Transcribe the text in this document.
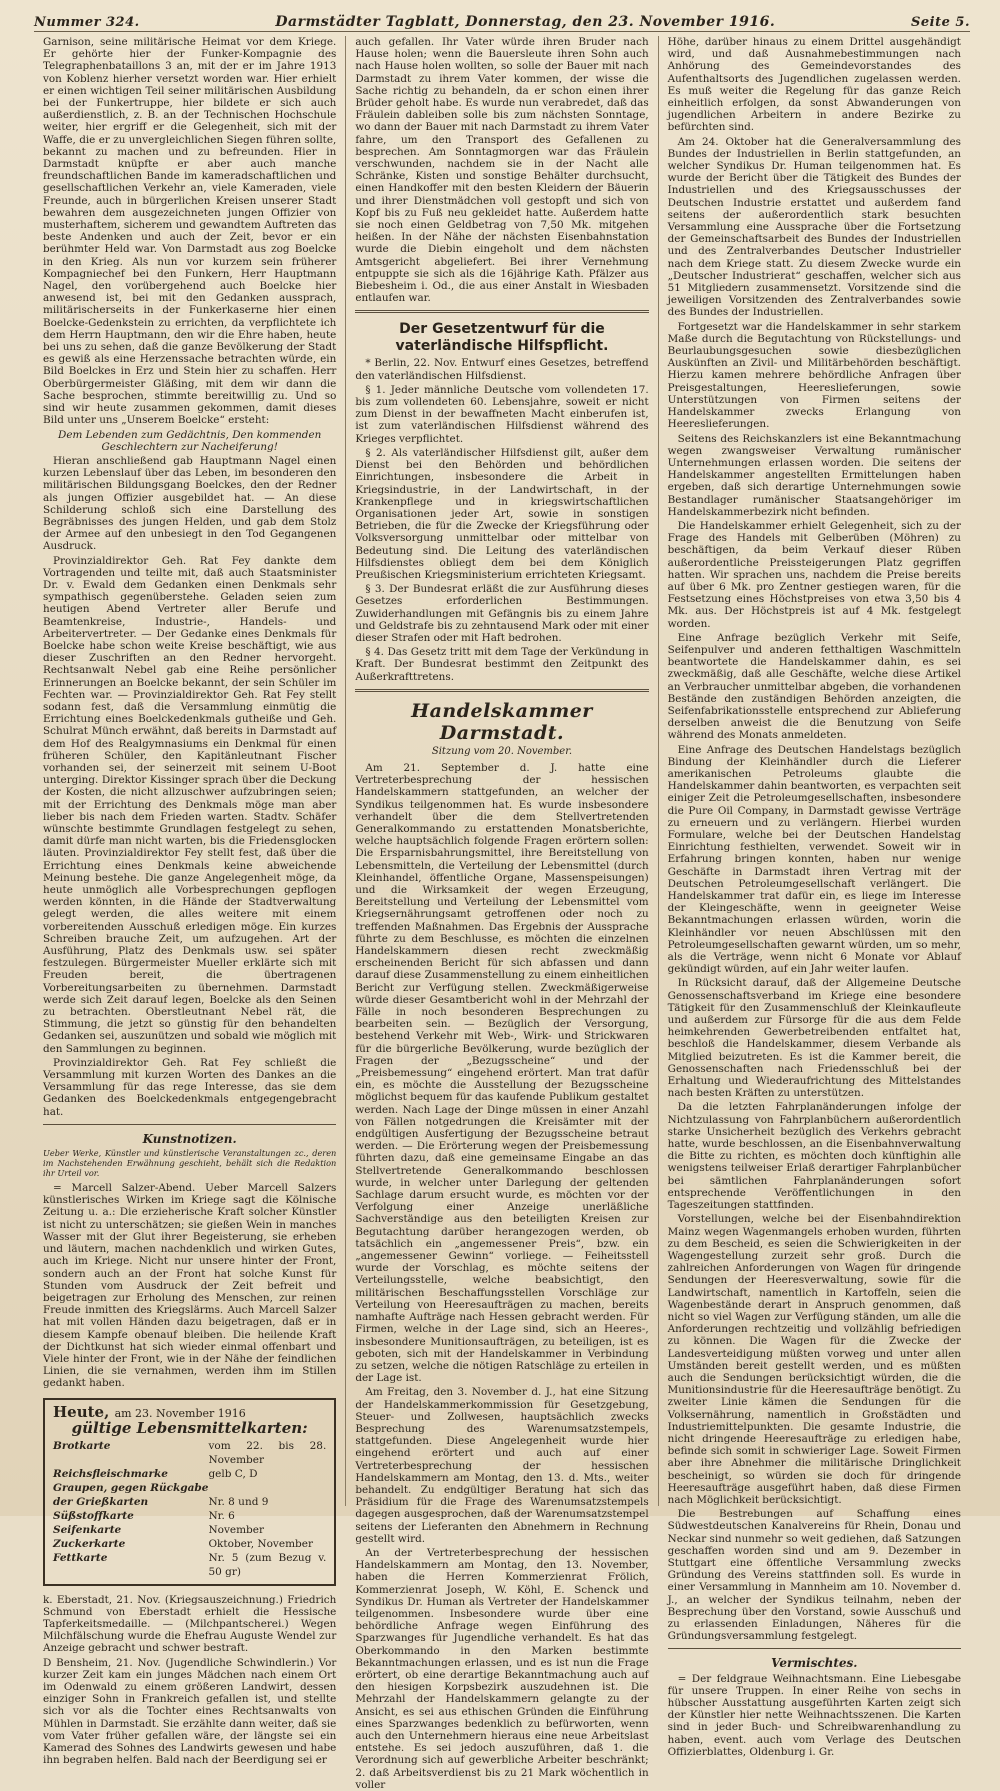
Nummer 324.	Darmstädter Tagblatt, Donnerstag, den 23. November 1916.	Seite 5.

Garnison, seine militärische Heimat vor dem Kriege. Er gehörte hier der Funker-Kompagnie des Telegraphenbataillons 3 an, mit der er im Jahre 1913 von Koblenz hierher versetzt worden war. Hier erhielt er einen wichtigen Teil seiner militärischen Ausbildung bei der Funkertruppe, hier bildete er sich auch außerdienstlich, z. B. an der Technischen Hochschule weiter, hier ergriff er die Gelegenheit, sich mit der Waffe, die er zu unvergleichlichen Siegen führen sollte, bekannt zu machen und zu befreunden. Hier in Darmstadt knüpfte er aber auch manche freundschaftlichen Bande im kameradschaftlichen und gesellschaftlichen Verkehr an, viele Kameraden, viele Freunde, auch in bürgerlichen Kreisen unserer Stadt bewahren dem ausgezeichneten jungen Offizier von musterhaftem, sicherem und gewandtem Auftreten das beste Andenken und auch der Zeit, bevor er ein berühmter Held war. Von Darmstadt aus zog Boelcke in den Krieg. Als nun vor kurzem sein früherer Kompagniechef bei den Funkern, Herr Hauptmann Nagel, den vorübergehend auch Boelcke hier anwesend ist, bei mit den Gedanken aussprach, militärischerseits in der Funkerkaserne hier einen Boelcke-Gedenkstein zu errichten, da verpflichtete ich dem Herrn Hauptmann, den wir die Ehre haben, heute bei uns zu sehen, daß die ganze Bevölkerung der Stadt es gewiß als eine Herzenssache betrachten würde, ein Bild Boelckes in Erz und Stein hier zu schaffen. Herr Oberbürgermeister Gläßing, mit dem wir dann die Sache besprochen, stimmte bereitwillig zu. Und so sind wir heute zusammen gekommen, damit dieses Bild unter uns „Unserem Boelcke“ ersteht:

Dem Lebenden zum Gedächtnis, Den kommenden Geschlechtern zur Nacheiferung!

Hieran anschließend gab Hauptmann Nagel einen kurzen Lebenslauf über das Leben, im besonderen den militärischen Bildungsgang Boelckes, den der Redner als jungen Offizier ausgebildet hat. — An diese Schilderung schloß sich eine Darstellung des Begräbnisses des jungen Helden, und gab dem Stolz der Armee auf den unbesiegt in den Tod Gegangenen Ausdruck.

Provinzialdirektor Geh. Rat Fey dankte dem Vortragenden und teilte mit, daß auch Staatsminister Dr. v. Ewald dem Gedanken einen Denkmals sehr sympathisch gegenüberstehe. Geladen seien zum heutigen Abend Vertreter aller Berufe und Beamtenkreise, Industrie-, Handels- und Arbeitervertreter. — Der Gedanke eines Denkmals für Boelcke habe schon weite Kreise beschäftigt, wie aus dieser Zuschriften an den Redner hervorgeht. Rechtsanwalt Nebel gab eine Reihe persönlicher Erinnerungen an Boelcke bekannt, der sein Schüler im Fechten war. — Provinzialdirektor Geh. Rat Fey stellt sodann fest, daß die Versammlung einmütig die Errichtung eines Boelckedenkmals gutheiße und Geh. Schulrat Münch erwähnt, daß bereits in Darmstadt auf dem Hof des Realgymnasiums ein Denkmal für einen früheren Schüler, den Kapitänleutnant Fischer vorhanden sei, der seinerzeit mit seinem U-Boot unterging. Direktor Kissinger sprach über die Deckung der Kosten, die nicht allzuschwer aufzubringen seien; mit der Errichtung des Denkmals möge man aber lieber bis nach dem Frieden warten. Stadtv. Schäfer wünschte bestimmte Grundlagen festgelegt zu sehen, damit dürfe man nicht warten, bis die Friedensglocken läuten. Provinzialdirektor Fey stellt fest, daß über die Errichtung eines Denkmals keine abweichende Meinung bestehe. Die ganze Angelegenheit möge, da heute unmöglich alle Vorbesprechungen gepflogen werden könnten, in die Hände der Stadtverwaltung gelegt werden, die alles weitere mit einem vorbereitenden Ausschuß erledigen möge. Ein kurzes Schreiben brauche Zeit, um aufzugehen. Art der Ausführung, Platz des Denkmals usw. sei später festzulegen. Bürgermeister Mueller erklärte sich mit Freuden bereit, die übertragenen Vorbereitungsarbeiten zu übernehmen. Darmstadt werde sich Zeit darauf legen, Boelcke als den Seinen zu betrachten. Oberstleutnant Nebel rät, die Stimmung, die jetzt so günstig für den behandelten Gedanken sei, auszunützen und sobald wie möglich mit den Sammlungen zu beginnen.

Provinzialdirektor Geh. Rat Fey schließt die Versammlung mit kurzen Worten des Dankes an die Versammlung für das rege Interesse, das sie dem Gedanken des Boelckedenkmals entgegengebracht hat.

Kunstnotizen.
Ueber Werke, Künstler und künstlerische Veranstaltungen zc., deren im Nachstehenden Erwähnung geschieht, behält sich die Redaktion ihr Urteil vor.

= Marcell Salzer-Abend. Ueber Marcell Salzers künstlerisches Wirken im Kriege sagt die Kölnische Zeitung u. a.: Die erzieherische Kraft solcher Künstler ist nicht zu unterschätzen; sie gießen Wein in manches Wasser mit der Glut ihrer Begeisterung, sie erheben und läutern, machen nachdenklich und wirken Gutes, auch im Kriege. Nicht nur unsere hinter der Front, sondern auch an der Front hat solche Kunst für Stunden vom Ausdruck der Zeit befreit und beigetragen zur Erholung des Menschen, zur reinen Freude inmitten des Kriegslärms. Auch Marcell Salzer hat mit vollen Händen dazu beigetragen, daß er in diesem Kampfe obenauf bleiben. Die heilende Kraft der Dichtkunst hat sich wieder einmal offenbart und Viele hinter der Front, wie in der Nähe der feindlichen Linien, die sie vernahmen, werden ihm im Stillen gedankt haben.

Heute, am 23. November 1916
gültige Lebensmittelkarten:
Brotkarte	vom 22. bis 28. November
Reichsfleischmarke	gelb C, D
Graupen, gegen Rückgabe	
der Grießkarten	Nr. 8 und 9
Süßstoffkarte	Nr. 6
Seifenkarte	November
Zuckerkarte	Oktober, November
Fettkarte	Nr. 5 (zum Bezug v. 50 gr)

k. Eberstadt, 21. Nov. (Kriegsauszeichnung.) Friedrich Schmund von Eberstadt erhielt die Hessische Tapferkeitsmedaille. — (Milchpantscherei.) Wegen Milchfälschung wurde die Ehefrau Auguste Wendel zur Anzeige gebracht und schwer bestraft.

D Bensheim, 21. Nov. (Jugendliche Schwindlerin.) Vor kurzer Zeit kam ein junges Mädchen nach einem Ort im Odenwald zu einem größeren Landwirt, dessen einziger Sohn in Frankreich gefallen ist, und stellte sich vor als die Tochter eines Rechtsanwalts von Mühlen in Darmstadt. Sie erzählte dann weiter, daß sie vom Vater früher gefallen wäre, der längste sei ein Kamerad des Sohnes des Landwirts gewesen und habe ihn begraben helfen. Bald nach der Beerdigung sei er

auch gefallen. Ihr Vater würde ihren Bruder nach Hause holen; wenn die Bauersleute ihren Sohn auch nach Hause holen wollten, so solle der Bauer mit nach Darmstadt zu ihrem Vater kommen, der wisse die Sache richtig zu behandeln, da er schon einen ihrer Brüder geholt habe. Es wurde nun verabredet, daß das Fräulein dableiben solle bis zum nächsten Sonntage, wo dann der Bauer mit nach Darmstadt zu ihrem Vater fahre, um den Transport des Gefallenen zu besprechen. Am Sonntagmorgen war das Fräulein verschwunden, nachdem sie in der Nacht alle Schränke, Kisten und sonstige Behälter durchsucht, einen Handkoffer mit den besten Kleidern der Bäuerin und ihrer Dienstmädchen voll gestopft und sich von Kopf bis zu Fuß neu gekleidet hatte. Außerdem hatte sie noch einen Geldbetrag von 7,50 Mk. mitgehen heißen. In der Nähe der nächsten Eisenbahnstation wurde die Diebin eingeholt und dem nächsten Amtsgericht abgeliefert. Bei ihrer Vernehmung entpuppte sie sich als die 16jährige Kath. Pfälzer aus Biebesheim i. Od., die aus einer Anstalt in Wiesbaden entlaufen war.

Der Gesetzentwurf für die vaterländische Hilfspflicht.

* Berlin, 22. Nov. Entwurf eines Gesetzes, betreffend den vaterländischen Hilfsdienst.

§ 1. Jeder männliche Deutsche vom vollendeten 17. bis zum vollendeten 60. Lebensjahre, soweit er nicht zum Dienst in der bewaffneten Macht einberufen ist, ist zum vaterländischen Hilfsdienst während des Krieges verpflichtet.

§ 2. Als vaterländischer Hilfsdienst gilt, außer dem Dienst bei den Behörden und behördlichen Einrichtungen, insbesondere die Arbeit in Kriegsindustrie, in der Landwirtschaft, in der Krankenpflege und in kriegswirtschaftlichen Organisationen jeder Art, sowie in sonstigen Betrieben, die für die Zwecke der Kriegsführung oder Volksversorgung unmittelbar oder mittelbar von Bedeutung sind. Die Leitung des vaterländischen Hilfsdienstes obliegt dem bei dem Königlich Preußischen Kriegsministerium errichteten Kriegsamt.

§ 3. Der Bundesrat erläßt die zur Ausführung dieses Gesetzes erforderlichen Bestimmungen. Zuwiderhandlungen mit Gefängnis bis zu einem Jahre und Geldstrafe bis zu zehntausend Mark oder mit einer dieser Strafen oder mit Haft bedrohen.

§ 4. Das Gesetz tritt mit dem Tage der Verkündung in Kraft. Der Bundesrat bestimmt den Zeitpunkt des Außerkrafttretens.

Handelskammer Darmstadt.
Sitzung vom 20. November.

Am 21. September d. J. hatte eine Vertreterbesprechung der hessischen Handelskammern stattgefunden, an welcher der Syndikus teilgenommen hat. Es wurde insbesondere verhandelt über die dem Stellvertretenden Generalkommando zu erstattenden Monatsberichte, welche hauptsächlich folgende Fragen erörtern sollen: Die Ersparnisbahrungsmittel, ihre Bereitstellung von Lebensmitteln, die Verteilung der Lebensmittel (durch Kleinhandel, öffentliche Organe, Massenspeisungen) und die Wirksamkeit der wegen Erzeugung, Bereitstellung und Verteilung der Lebensmittel vom Kriegsernährungsamt getroffenen oder noch zu treffenden Maßnahmen. Das Ergebnis der Aussprache führte zu dem Beschlusse, es möchten die einzelnen Handelskammern diesen recht zweckmäßig erscheinenden Bericht für sich abfassen und dann darauf diese Zusammenstellung zu einem einheitlichen Bericht zur Verfügung stellen. Zweckmäßigerweise würde dieser Gesamtbericht wohl in der Mehrzahl der Fälle in noch besonderen Besprechungen zu bearbeiten sein. — Bezüglich der Versorgung, bestehend Verkehr mit Web-, Wirk- und Strickwaren für die bürgerliche Bevölkerung, wurde bezüglich der Fragen der „Bezugsscheine“ und der „Preisbemessung“ eingehend erörtert. Man trat dafür ein, es möchte die Ausstellung der Bezugsscheine möglichst bequem für das kaufende Publikum gestaltet werden. Nach Lage der Dinge müssen in einer Anzahl von Fällen notgedrungen die Kreisämter mit der endgültigen Ausfertigung der Bezugsscheine betraut werden. — Die Erörterung wegen der Preisbemessung führten dazu, daß eine gemeinsame Eingabe an das Stellvertretende Generalkommando beschlossen wurde, in welcher unter Darlegung der geltenden Sachlage darum ersucht wurde, es möchten vor der Verfolgung einer Anzeige unerläßliche Sachverständige aus den beteiligten Kreisen zur Begutachtung darüber herangezogen werden, ob tatsächlich ein „angemessener Preis“, bzw. ein „angemessener Gewinn“ vorliege. — Feiheitsstell wurde der Vorschlag, es möchte seitens der Verteilungsstelle, welche beabsichtigt, den militärischen Beschaffungsstellen Vorschläge zur Verteilung von Heeresaufträgen zu machen, bereits namhafte Aufträge nach Hessen gebracht werden. Für Firmen, welche in der Lage sind, sich an Heeres-, insbesondere Munitionsaufträgen, zu beteiligen, ist es geboten, sich mit der Handelskammer in Verbindung zu setzen, welche die nötigen Ratschläge zu erteilen in der Lage ist.

Am Freitag, den 3. November d. J., hat eine Sitzung der Handelskammerkommission für Gesetzgebung, Steuer- und Zollwesen, hauptsächlich zwecks Besprechung des Warenumsatzstempels, stattgefunden. Diese Angelegenheit wurde hier eingehend erörtert und auch auf einer Vertreterbesprechung der hessischen Handelskammern am Montag, den 13. d. Mts., weiter behandelt. Zu endgültiger Beratung hat sich das Präsidium für die Frage des Warenumsatzstempels dagegen ausgesprochen, daß der Warenumsatzstempel seitens der Lieferanten den Abnehmern in Rechnung gestellt wird.

An der Vertreterbesprechung der hessischen Handelskammern am Montag, den 13. November, haben die Herren Kommerzienrat Frölich, Kommerzienrat Joseph, W. Köhl, E. Schenck und Syndikus Dr. Human als Vertreter der Handelskammer teilgenommen. Insbesondere wurde über eine behördliche Anfrage wegen Einführung des Sparzwanges für Jugendliche verhandelt. Es hat das Oberkommando in den Marken bestimmte Bekanntmachungen erlassen, und es ist nun die Frage erörtert, ob eine derartige Bekanntmachung auch auf den hiesigen Korpsbezirk auszudehnen ist. Die Mehrzahl der Handelskammern gelangte zu der Ansicht, es sei aus ethischen Gründen die Einführung eines Sparzwanges bedenklich zu befürworten, wenn auch den Unternehmern hieraus eine neue Arbeitslast entstehe. Es sei jedoch auszuführen, daß 1. die Verordnung sich auf gewerbliche Arbeiter beschränkt; 2. daß Arbeitsverdienst bis zu 21 Mark wöchentlich in voller

Höhe, darüber hinaus zu einem Drittel ausgehändigt wird, und daß Ausnahmebestimmungen nach Anhörung des Gemeindevorstandes des Aufenthaltsorts des Jugendlichen zugelassen werden. Es muß weiter die Regelung für das ganze Reich einheitlich erfolgen, da sonst Abwanderungen von jugendlichen Arbeitern in andere Bezirke zu befürchten sind.

Am 24. Oktober hat die Generalversammlung des Bundes der Industriellen in Berlin stattgefunden, an welcher Syndikus Dr. Human teilgenommen hat. Es wurde der Bericht über die Tätigkeit des Bundes der Industriellen und des Kriegsausschusses der Deutschen Industrie erstattet und außerdem fand seitens der außerordentlich stark besuchten Versammlung eine Aussprache über die Fortsetzung der Gemeinschaftsarbeit des Bundes der Industriellen und des Zentralverbandes Deutscher Industrieller nach dem Kriege statt. Zu diesem Zwecke wurde ein „Deutscher Industrierat“ geschaffen, welcher sich aus 51 Mitgliedern zusammensetzt. Vorsitzende sind die jeweiligen Vorsitzenden des Zentralverbandes sowie des Bundes der Industriellen.

Fortgesetzt war die Handelskammer in sehr starkem Maße durch die Begutachtung von Rückstellungs- und Beurlaubungsgesuchen sowie diesbezüglichen Auskünften an Zivil- und Militärbehörden beschäftigt. Hierzu kamen mehrere behördliche Anfragen über Preisgestaltungen, Heereslieferungen, sowie Unterstützungen von Firmen seitens der Handelskammer zwecks Erlangung von Heereslieferungen.

Seitens des Reichskanzlers ist eine Bekanntmachung wegen zwangsweiser Verwaltung rumänischer Unternehmungen erlassen worden. Die seitens der Handelskammer angestellten Ermittelungen haben ergeben, daß sich derartige Unternehmungen sowie Bestandlager rumänischer Staatsangehöriger im Handelskammerbezirk nicht befinden.

Die Handelskammer erhielt Gelegenheit, sich zu der Frage des Handels mit Gelberüben (Möhren) zu beschäftigen, da beim Verkauf dieser Rüben außerordentliche Preissteigerungen Platz gegriffen hatten. Wir sprachen uns, nachdem die Preise bereits auf über 6 Mk. pro Zentner gestiegen waren, für die Festsetzung eines Höchstpreises von etwa 3,50 bis 4 Mk. aus. Der Höchstpreis ist auf 4 Mk. festgelegt worden.

Eine Anfrage bezüglich Verkehr mit Seife, Seifenpulver und anderen fetthaltigen Waschmitteln beantwortete die Handelskammer dahin, es sei zweckmäßig, daß alle Geschäfte, welche diese Artikel an Verbraucher unmittelbar abgeben, die vorhandenen Bestände den zuständigen Behörden anzeigten, die Seifenfabrikationsstelle entsprechend zur Ablieferung derselben anweist die die Benutzung von Seife während des Monats anmeldeten.

Eine Anfrage des Deutschen Handelstags bezüglich Bindung der Kleinhändler durch die Lieferer amerikanischen Petroleums glaubte die Handelskammer dahin beantworten, es verpachten seit einiger Zeit die Petroleumgesellschaften, insbesondere die Pure Oil Company, in Darmstadt gewisse Verträge zu erneuern und zu verlängern. Hierbei wurden Formulare, welche bei der Deutschen Handelstag Einrichtung festhielten, verwendet. Soweit wir in Erfahrung bringen konnten, haben nur wenige Geschäfte in Darmstadt ihren Vertrag mit der Deutschen Petroleumgesellschaft verlängert. Die Handelskammer trat dafür ein, es liege im Interesse der Kleingeschäfte, wenn in geeigneter Weise Bekanntmachungen erlassen würden, worin die Kleinhändler vor neuen Abschlüssen mit den Petroleumgesellschaften gewarnt würden, um so mehr, als die Verträge, wenn nicht 6 Monate vor Ablauf gekündigt würden, auf ein Jahr weiter laufen.

In Rücksicht darauf, daß der Allgemeine Deutsche Genossenschaftsverband im Kriege eine besondere Tätigkeit für den Zusammenschluß der Kleinkaufleute und außerdem zur Fürsorge für die aus dem Felde heimkehrenden Gewerbetreibenden entfaltet hat, beschloß die Handelskammer, diesem Verbande als Mitglied beizutreten. Es ist die Kammer bereit, die Genossenschaften nach Friedensschluß bei der Erhaltung und Wiederaufrichtung des Mittelstandes nach besten Kräften zu unterstützen.

Da die letzten Fahrplanänderungen infolge der Nichtzulassung von Fahrplanbüchern außerordentlich starke Unsicherheit bezüglich des Verkehrs gebracht hatte, wurde beschlossen, an die Eisenbahnverwaltung die Bitte zu richten, es möchten doch künftighin alle wenigstens teilweiser Erlaß derartiger Fahrplanbücher bei sämtlichen Fahrplanänderungen sofort entsprechende Veröffentlichungen in den Tageszeitungen stattfinden.

Vorstellungen, welche bei der Eisenbahndirektion Mainz wegen Wagenmangels erhoben wurden, führten zu dem Bescheid, es seien die Schwierigkeiten in der Wagengestellung zurzeit sehr groß. Durch die zahlreichen Anforderungen von Wagen für dringende Sendungen der Heeresverwaltung, sowie für die Landwirtschaft, namentlich in Kartoffeln, seien die Wagenbestände derart in Anspruch genommen, daß nicht so viel Wagen zur Verfügung ständen, um alle die Anforderungen rechtzeitig und vollzählig befriedigen zu können. Die Wagen für die Zwecke der Landesverteidigung müßten vorweg und unter allen Umständen bereit gestellt werden, und es müßten auch die Sendungen berücksichtigt würden, die die Munitionsindustrie für die Heeresaufträge benötigt. Zu zweiter Linie kämen die Sendungen für die Volksernährung, namentlich in Großstädten und Industriemittelpunkten. Die gesamte Industrie, die nicht dringende Heeresaufträge zu erledigen habe, befinde sich somit in schwieriger Lage. Soweit Firmen aber ihre Abnehmer die militärische Dringlichkeit bescheinigt, so würden sie doch für dringende Heeresaufträge ausgeführt haben, daß diese Firmen nach Möglichkeit berücksichtigt.

Die Bestrebungen auf Schaffung eines Südwestdeutschen Kanalvereins für Rhein, Donau und Neckar sind nunmehr so weit gediehen, daß Satzungen geschaffen worden sind und am 9. Dezember in Stuttgart eine öffentliche Versammlung zwecks Gründung des Vereins stattfinden soll. Es wurde in einer Versammlung in Mannheim am 10. November d. J., an welcher der Syndikus teilnahm, neben der Besprechung über den Vorstand, sowie Ausschuß und zu erlassenden Einladungen, Näheres für die Gründungsversammlung festgelegt.

Vermischtes.

= Der feldgraue Weihnachtsmann. Eine Liebesgabe für unsere Truppen. In einer Reihe von sechs in hübscher Ausstattung ausgeführten Karten zeigt sich der Künstler hier nette Weihnachtsszenen. Die Karten sind in jeder Buch- und Schreibwarenhandlung zu haben, event. auch vom Verlage des Deutschen Offizierblattes, Oldenburg i. Gr.
